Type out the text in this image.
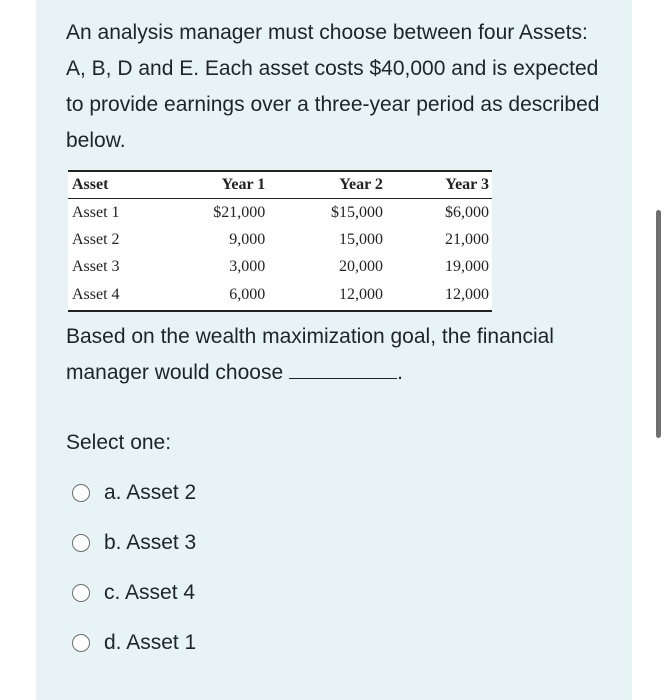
An analysis manager must choose between four Assets: A, B, D and E. Each asset costs $40,000 and is expected to provide earnings over a three-year period as described below.

Asset	Year 1	Year 2	Year 3
Asset 1	$21,000	$15,000	$6,000
Asset 2	9,000	15,000	21,000
Asset 3	3,000	20,000	19,000
Asset 4	6,000	12,000	12,000

Based on the wealth maximization goal, the financial manager would choose	.

Select one:
a. Asset 2
b. Asset 3
c. Asset 4
d. Asset 1
